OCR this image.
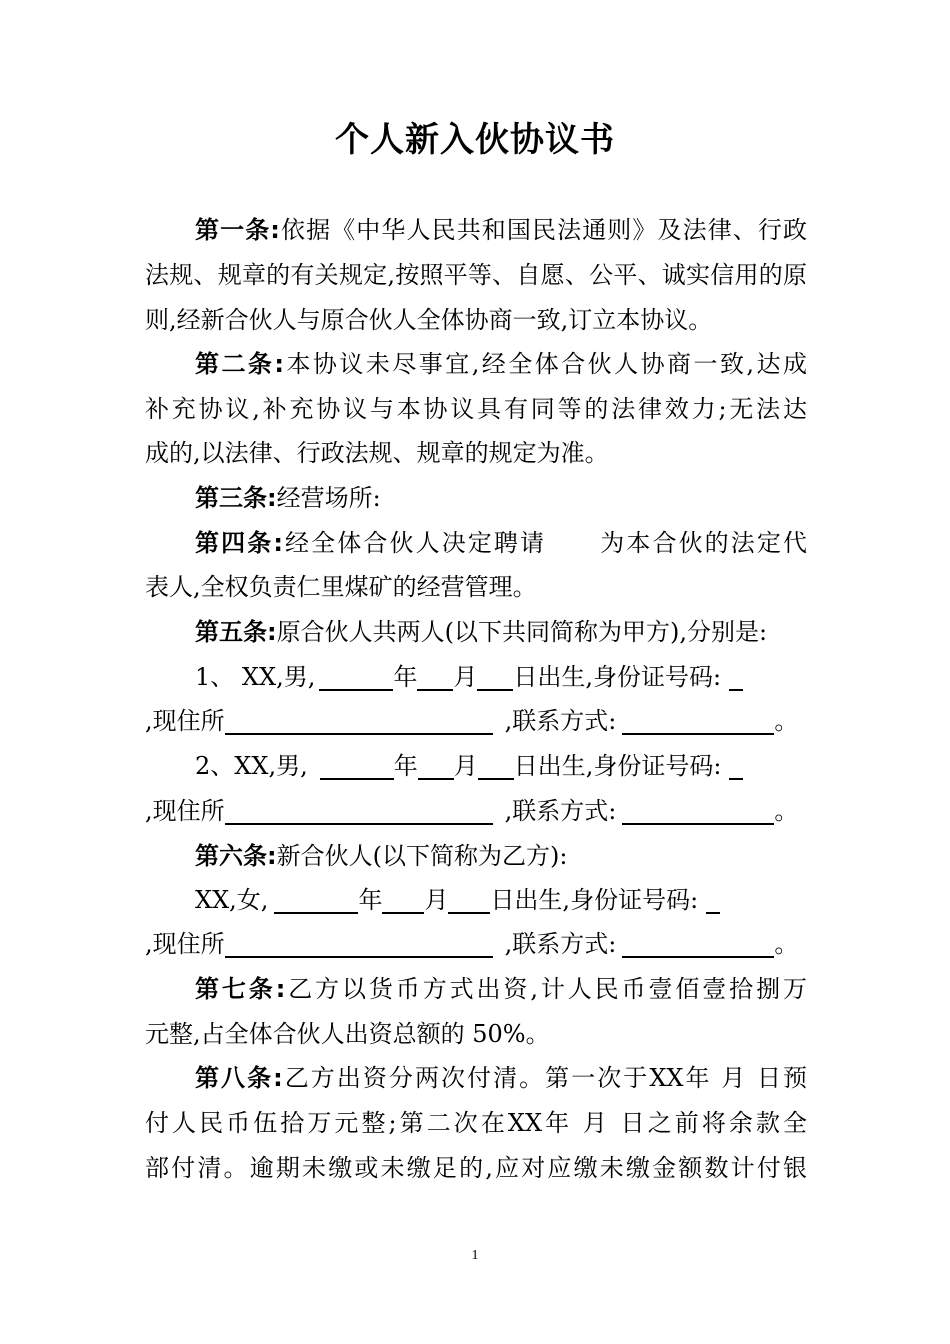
个人新入伙协议书
第一条:依据《中华人民共和国民法通则》及法律、行政
法规、规章的有关规定,按照平等、自愿、公平、诚实信用的原
则,经新合伙人与原合伙人全体协商一致,订立本协议。
第二条:本协议未尽事宜,经全体合伙人协商一致,达成
补充协议,补充协议与本协议具有同等的法律效力;无法达
成的,以法律、行政法规、规章的规定为准。
第三条:经营场所:
第四条:经全体合伙人决定聘请 为本合伙的法定代
表人,全权负责仁里煤矿的经营管理。
第五条:原合伙人共两人(以下共同简称为甲方),分别是:
1、 XX,男,	年 月 日出生,身份证号码:
,现住所	,联系方式:	。
2、XX,男,	年 月 日出生,身份证号码:
,现住所	,联系方式:	。
第六条:新合伙人(以下简称为乙方):
XX,女,	年 月 日出生,身份证号码:
,现住所	,联系方式:	。
第七条:乙方以货币方式出资,计人民币壹佰壹拾捌万
元整,占全体合伙人出资总额的 50%。
第八条:乙方出资分两次付清。第一次于XX年 月 日预
付人民币伍拾万元整;第二次在XX年 月 日之前将余款全
部付清。逾期未缴或未缴足的,应对应缴未缴金额数计付银
1
